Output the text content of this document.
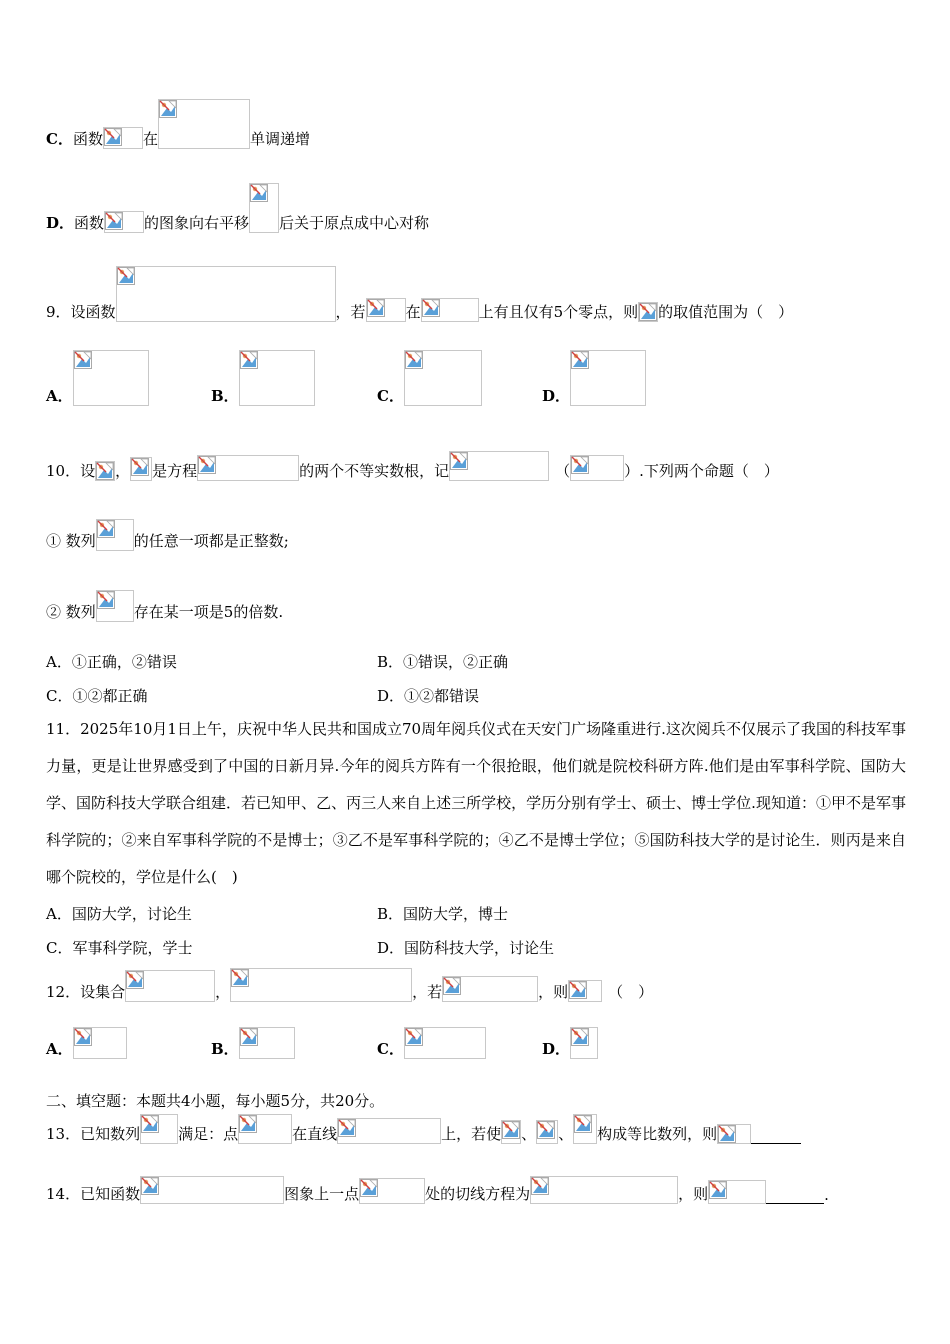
C． 函数	在	单调递增
D． 函数	的图象向右平移 后关于原点成中心对称
9．设函数	，若	在	上有且仅有5个零点，则 的取值范围为（　）
A．	B．	C．	D．
10．设 ， 是方程	的两个不等实数根，记	（	）.下列两个命题（　）
① 数列	的任意一项都是正整数;
② 数列	存在某一项是5的倍数.
A．①正确，②错误	B．①错误，②正确
C．①②都正确	D．①②都错误
11．2025年10月1日上午，庆祝中华人民共和国成立70周年阅兵仪式在天安门广场隆重进行.这次阅兵不仅展示了我国的科技军事力量，更是让世界感受到了中国的日新月异.今年的阅兵方阵有一个很抢眼，他们就是院校科研方阵.他们是由军事科学院、国防大学、国防科技大学联合组建．若已知甲、乙、丙三人来自上述三所学校，学历分别有学士、硕士、博士学位.现知道：①甲不是军事科学院的；②来自军事科学院的不是博士；③乙不是军事科学院的；④乙不是博士学位；⑤国防科技大学的是讨论生．则丙是来自哪个院校的，学位是什么(　)
A．国防大学，讨论生	B．国防大学，博士
C．军事科学院，学士	D．国防科技大学，讨论生
12．设集合	，	，若	，则	（　）
A．	B．	C．	D．
二、填空题：本题共4小题，每小题5分，共20分。
13．已知数列	满足：点	在直线	上，若使 、 、 构成等比数列，则
14．已知函数	图象上一点	处的切线方程为	，则	.
